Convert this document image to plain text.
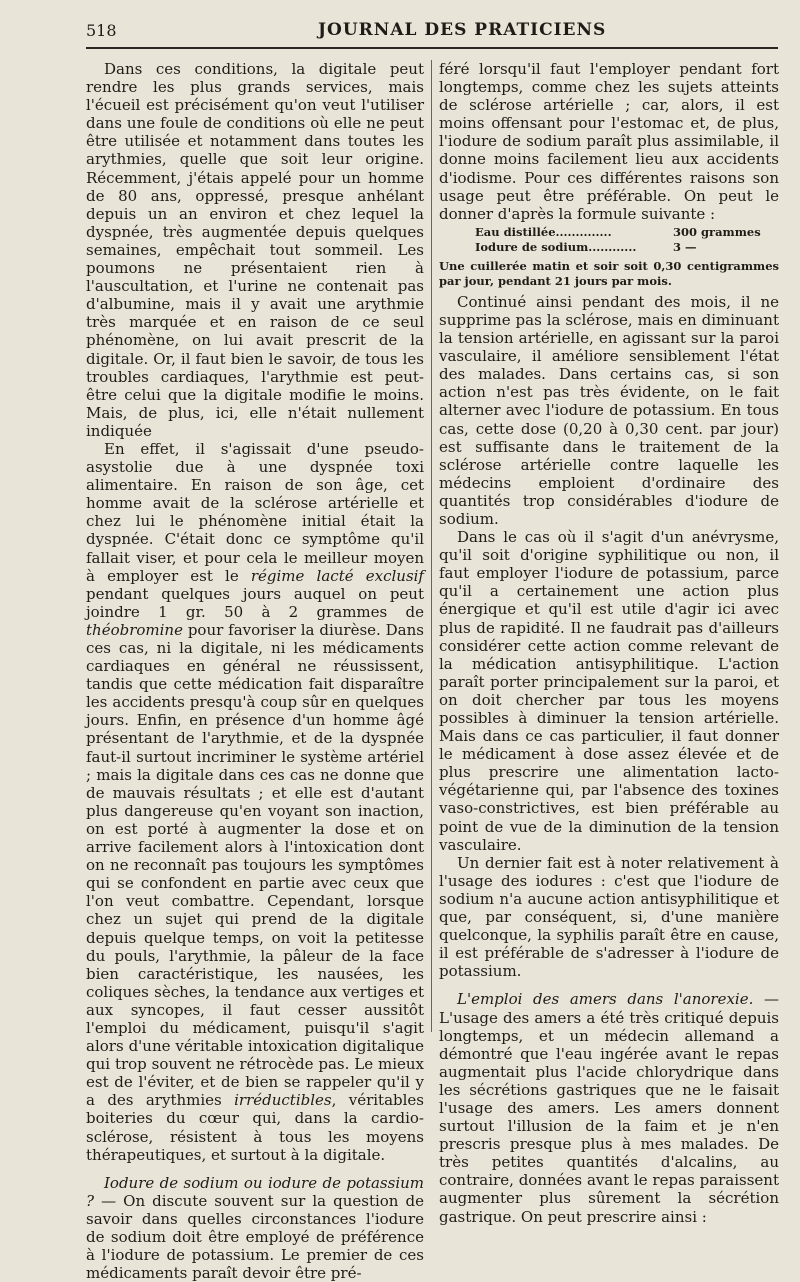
518	JOURNAL DES PRATICIENS

Dans ces conditions, la digitale peut rendre les plus grands services, mais l'écueil est précisément qu'on veut l'utiliser dans une foule de conditions où elle ne peut être utilisée et notamment dans toutes les arythmies, quelle que soit leur origine. Récemment, j'étais appelé pour un homme de 80 ans, oppressé, presque anhélant depuis un an environ et chez lequel la dyspnée, très augmentée depuis quelques semaines, empêchait tout sommeil. Les poumons ne présentaient rien à l'auscultation, et l'urine ne contenait pas d'albumine, mais il y avait une arythmie très marquée et en raison de ce seul phénomène, on lui avait prescrit de la digitale. Or, il faut bien le savoir, de tous les troubles cardiaques, l'arythmie est peut-être celui que la digitale modifie le moins. Mais, de plus, ici, elle n'était nullement indiquée

En effet, il s'agissait d'une pseudo-asystolie due à une dyspnée toxi alimentaire. En raison de son âge, cet homme avait de la sclérose artérielle et chez lui le phénomène initial était la dyspnée. C'était donc ce symptôme qu'il fallait viser, et pour cela le meilleur moyen à employer est le régime lacté exclusif pendant quelques jours auquel on peut joindre 1 gr. 50 à 2 grammes de théobromine pour favoriser la diurèse. Dans ces cas, ni la digitale, ni les médicaments cardiaques en général ne réussissent, tandis que cette médication fait disparaître les accidents presqu'à coup sûr en quelques jours. Enfin, en présence d'un homme âgé présentant de l'arythmie, et de la dyspnée faut-il surtout incriminer le système artériel ; mais la digitale dans ces cas ne donne que de mauvais résultats ; et elle est d'autant plus dangereuse qu'en voyant son inaction, on est porté à augmenter la dose et on arrive facilement alors à l'intoxication dont on ne reconnaît pas toujours les symptômes qui se confondent en partie avec ceux que l'on veut combattre. Cependant, lorsque chez un sujet qui prend de la digitale depuis quelque temps, on voit la petitesse du pouls, l'arythmie, la pâleur de la face bien caractéristique, les nausées, les coliques sèches, la tendance aux vertiges et aux syncopes, il faut cesser aussitôt l'emploi du médicament, puisqu'il s'agit alors d'une véritable intoxication digitalique qui trop souvent ne rétrocède pas. Le mieux est de l'éviter, et de bien se rappeler qu'il y a des arythmies irréductibles, véritables boiteries du cœur qui, dans la cardio-sclérose, résistent à tous les moyens thérapeutiques, et surtout à la digitale.

Iodure de sodium ou iodure de potassium ? — On discute souvent sur la question de savoir dans quelles circonstances l'iodure de sodium doit être employé de préférence à l'iodure de potassium. Le premier de ces médicaments paraît devoir être pré-

féré lorsqu'il faut l'employer pendant fort longtemps, comme chez les sujets atteints de sclérose artérielle ; car, alors, il est moins offensant pour l'estomac et, de plus, l'iodure de sodium paraît plus assimilable, il donne moins facilement lieu aux accidents d'iodisme. Pour ces différentes raisons son usage peut être préférable. On peut le donner d'après la formule suivante :

Eau distillée..............	300 grammes
Iodure de sodium............	3 —

Une cuillerée matin et soir soit 0,30 centigrammes par jour, pendant 21 jours par mois.

Continué ainsi pendant des mois, il ne supprime pas la sclérose, mais en diminuant la tension artérielle, en agissant sur la paroi vasculaire, il améliore sensiblement l'état des malades. Dans certains cas, si son action n'est pas très évidente, on le fait alterner avec l'iodure de potassium. En tous cas, cette dose (0,20 à 0,30 cent. par jour) est suffisante dans le traitement de la sclérose artérielle contre laquelle les médecins emploient d'ordinaire des quantités trop considérables d'iodure de sodium.

Dans le cas où il s'agit d'un anévrysme, qu'il soit d'origine syphilitique ou non, il faut employer l'iodure de potassium, parce qu'il a certainement une action plus énergique et qu'il est utile d'agir ici avec plus de rapidité. Il ne faudrait pas d'ailleurs considérer cette action comme relevant de la médication antisyphilitique. L'action paraît porter principalement sur la paroi, et on doit chercher par tous les moyens possibles à diminuer la tension artérielle. Mais dans ce cas particulier, il faut donner le médicament à dose assez élevée et de plus prescrire une alimentation lacto-végétarienne qui, par l'absence des toxines vaso-constrictives, est bien préférable au point de vue de la diminution de la tension vasculaire.

Un dernier fait est à noter relativement à l'usage des iodures : c'est que l'iodure de sodium n'a aucune action antisyphilitique et que, par conséquent, si, d'une manière quelconque, la syphilis paraît être en cause, il est préférable de s'adresser à l'iodure de potassium.

L'emploi des amers dans l'anorexie. — L'usage des amers a été très critiqué depuis longtemps, et un médecin allemand a démontré que l'eau ingérée avant le repas augmentait plus l'acide chlorydrique dans les sécrétions gastriques que ne le faisait l'usage des amers. Les amers donnent surtout l'illusion de la faim et je n'en prescris presque plus à mes malades. De très petites quantités d'alcalins, au contraire, données avant le repas paraissent augmenter plus sûrement la sécrétion gastrique. On peut prescrire ainsi :
